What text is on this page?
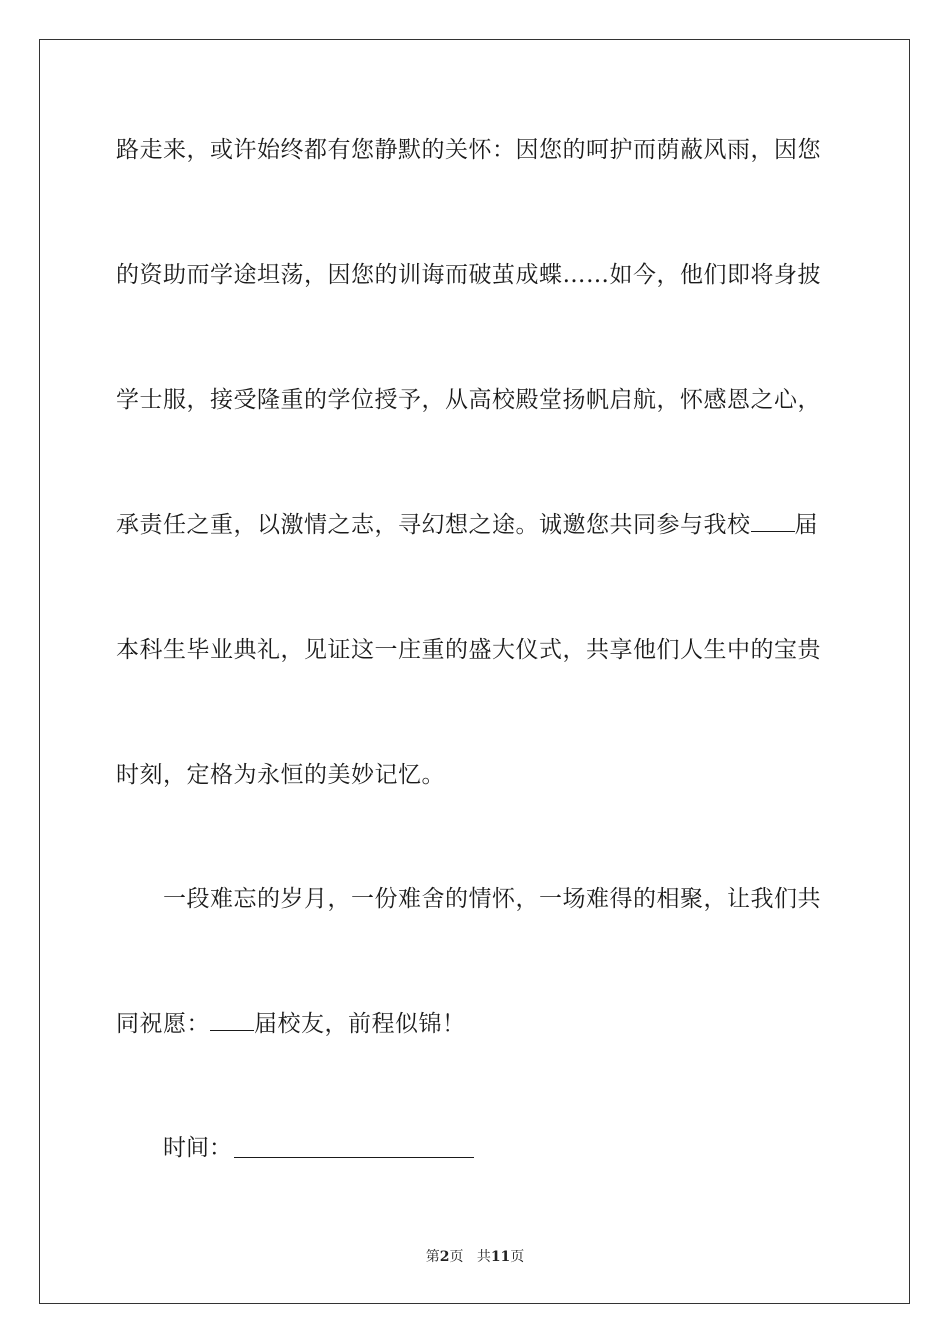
路走来，或许始终都有您静默的关怀：因您的呵护而荫蔽风雨，因您
的资助而学途坦荡，因您的训诲而破茧成蝶……如今，他们即将身披
学士服，接受隆重的学位授予，从高校殿堂扬帆启航，怀感恩之心，
承责任之重，以激情之志，寻幻想之途。诚邀您共同参与我校 届
本科生毕业典礼，见证这一庄重的盛大仪式，共享他们人生中的宝贵
时刻，定格为永恒的美妙记忆。
一段难忘的岁月，一份难舍的情怀，一场难得的相聚，让我们共
同祝愿： 届校友，前程似锦！
时间：
第2页 共11页
